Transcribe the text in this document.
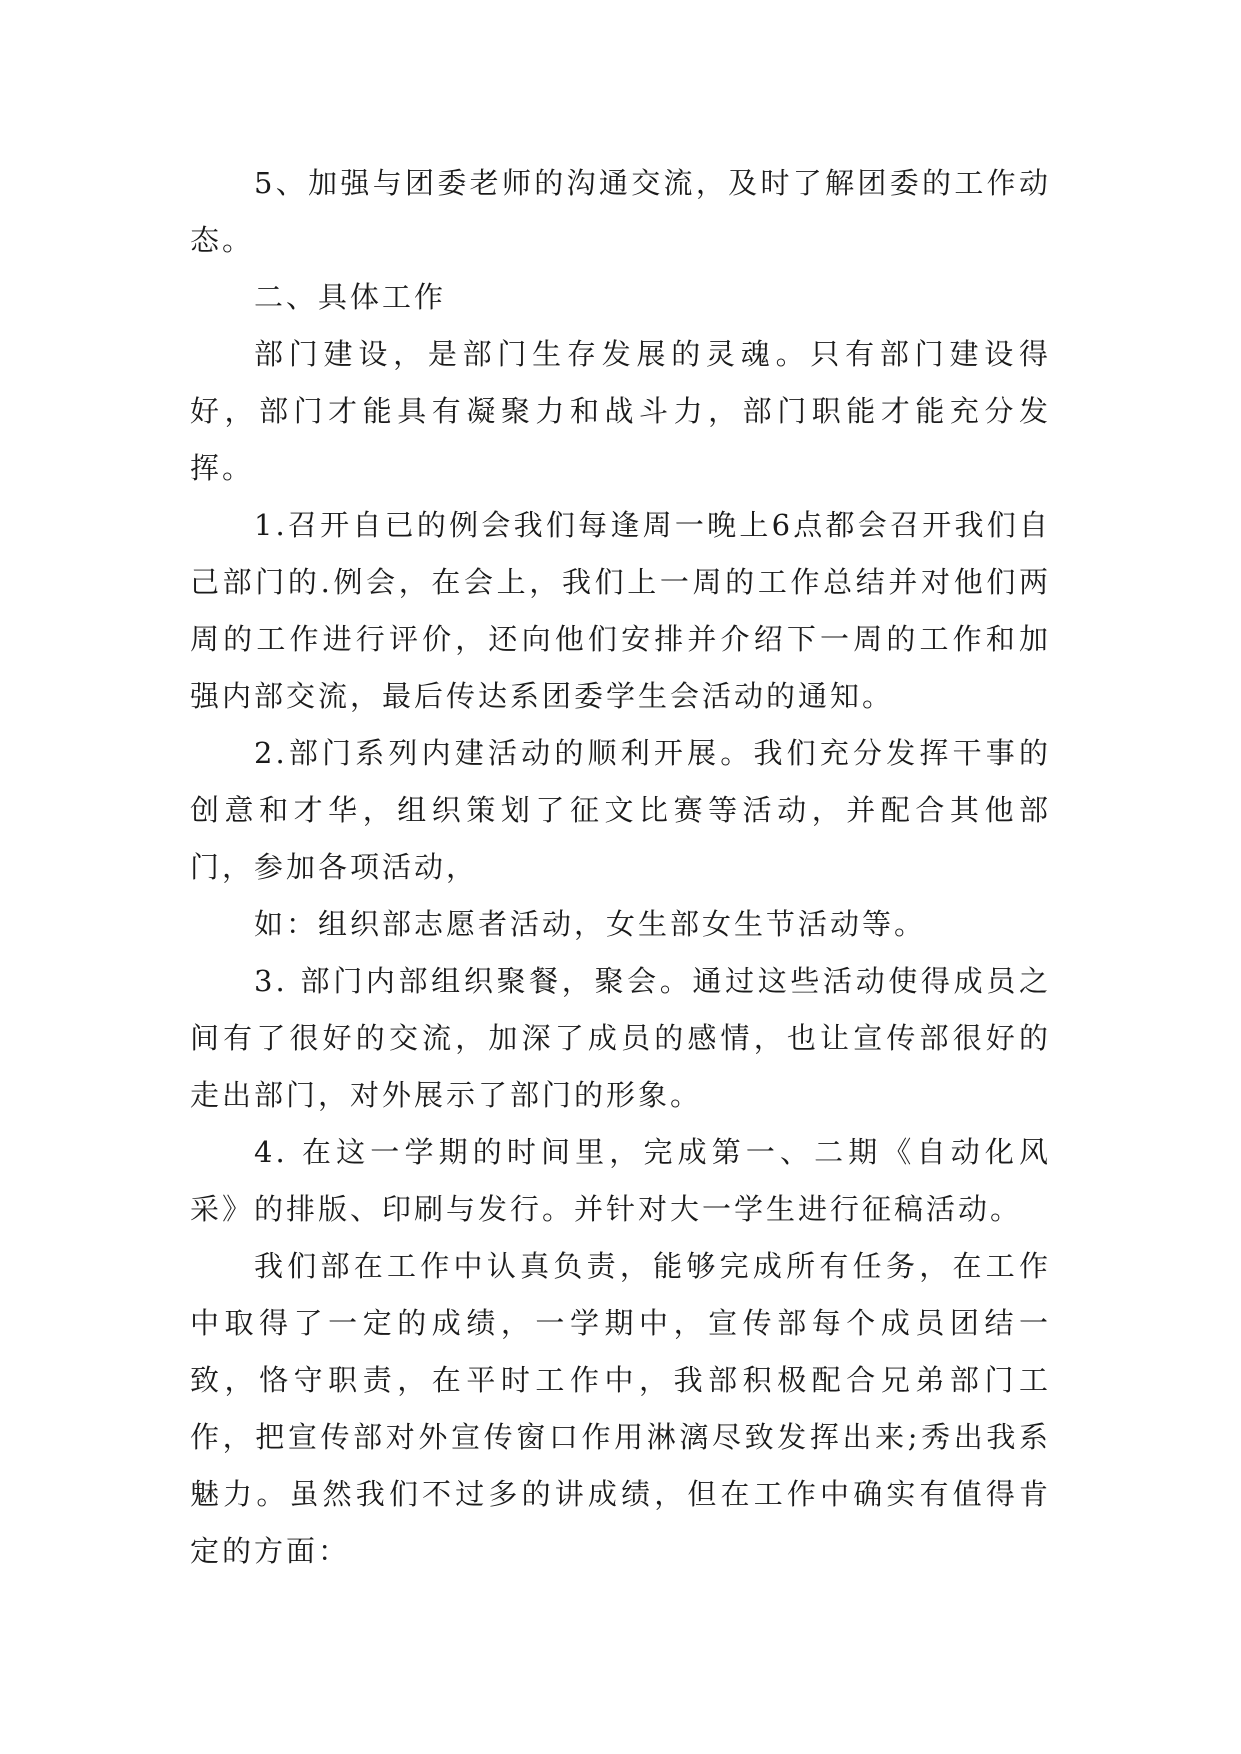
5、加强与团委老师的沟通交流，及时了解团委的工作动态。

二、具体工作

部门建设，是部门生存发展的灵魂。只有部门建设得好，部门才能具有凝聚力和战斗力，部门职能才能充分发挥。

1.召开自已的例会我们每逢周一晚上6点都会召开我们自己部门的.例会，在会上，我们上一周的工作总结并对他们两周的工作进行评价，还向他们安排并介绍下一周的工作和加强内部交流，最后传达系团委学生会活动的通知。

2.部门系列内建活动的顺利开展。我们充分发挥干事的创意和才华，组织策划了征文比赛等活动，并配合其他部门，参加各项活动，

如：组织部志愿者活动，女生部女生节活动等。

3. 部门内部组织聚餐，聚会。通过这些活动使得成员之间有了很好的交流，加深了成员的感情，也让宣传部很好的走出部门，对外展示了部门的形象。

4. 在这一学期的时间里，完成第一、二期《自动化风采》的排版、印刷与发行。并针对大一学生进行征稿活动。

我们部在工作中认真负责，能够完成所有任务，在工作中取得了一定的成绩，一学期中，宣传部每个成员团结一致，恪守职责，在平时工作中，我部积极配合兄弟部门工作，把宣传部对外宣传窗口作用淋漓尽致发挥出来;秀出我系魅力。虽然我们不过多的讲成绩，但在工作中确实有值得肯定的方面：
